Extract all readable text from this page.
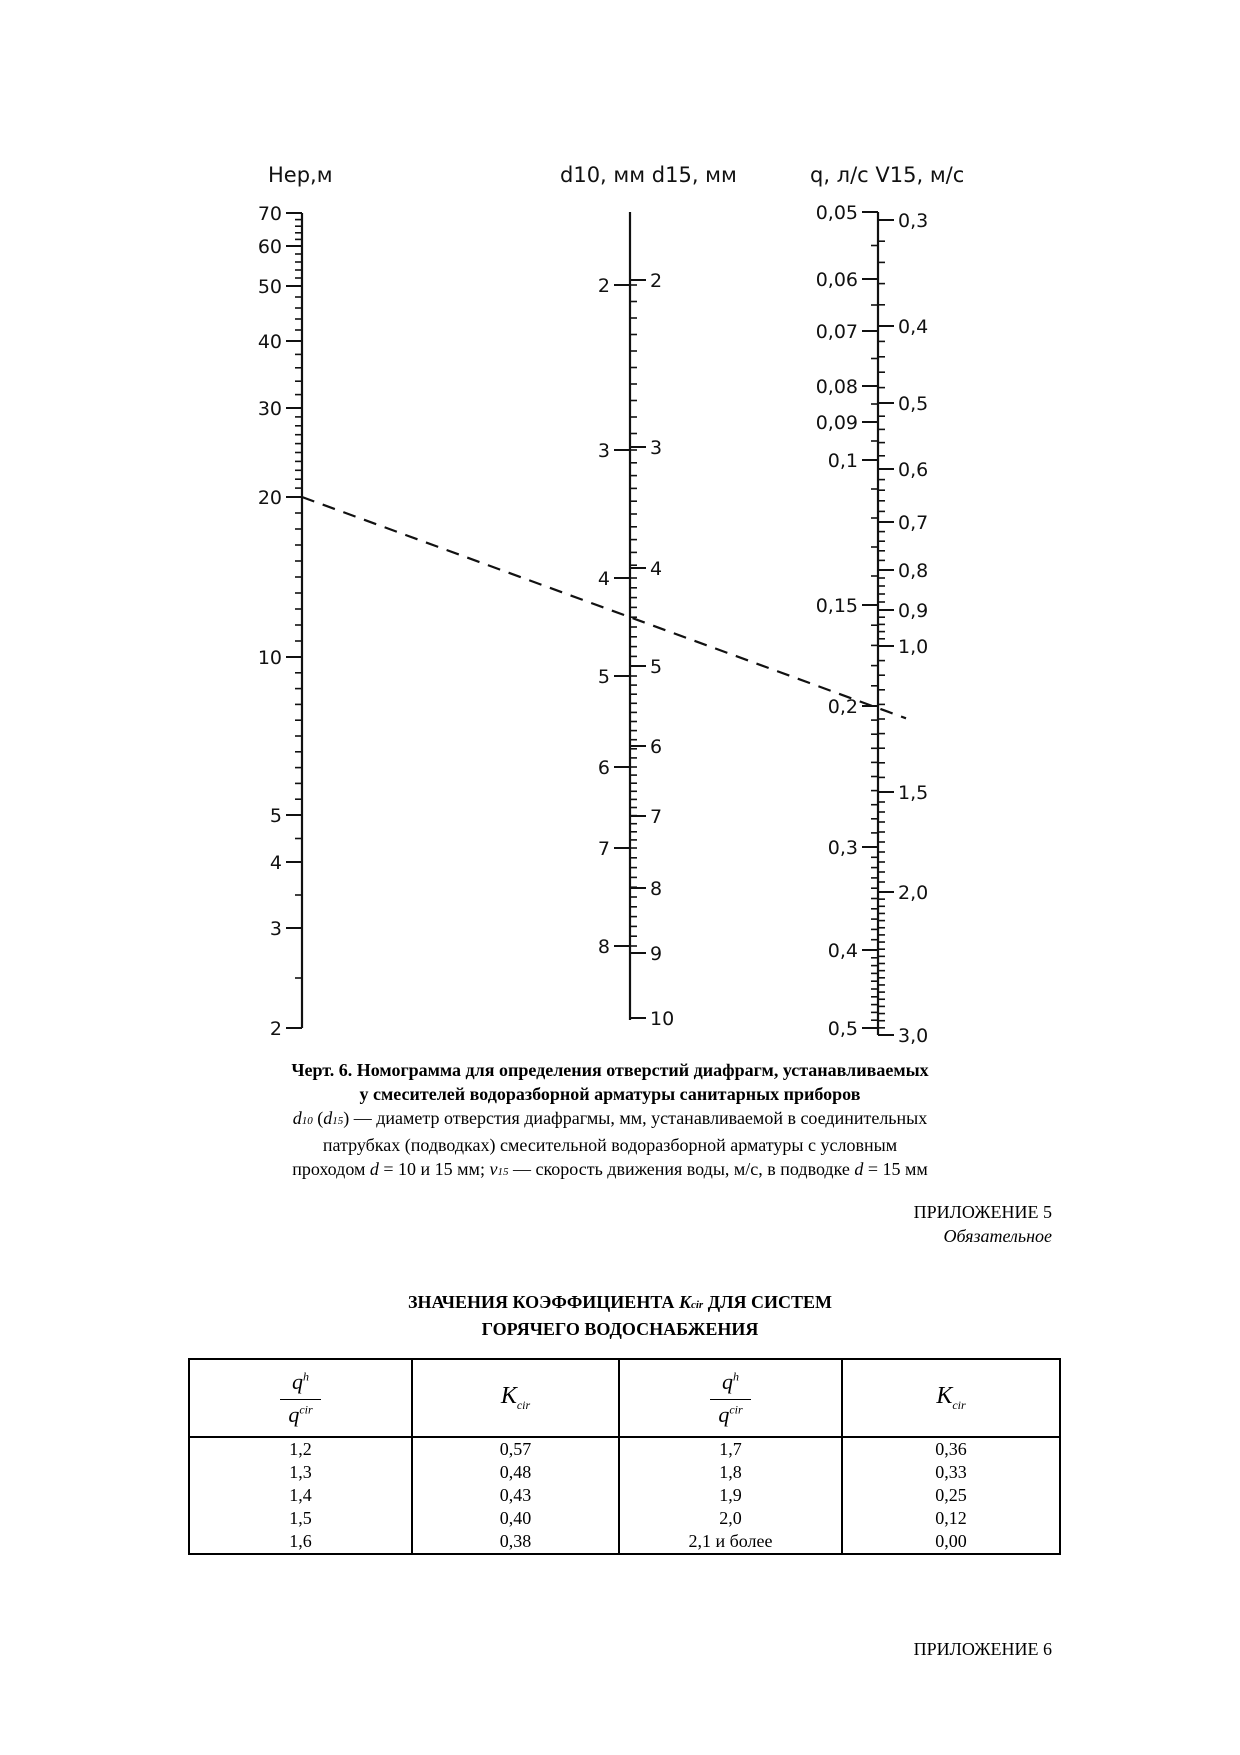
Hер,м
70
60
50
40
30
20
10
5
4
3
2
d10, мм d15, мм
2
3
4
5
6
7
8
2
3
4
5
6
7
8
9
10
q, л/с V15, м/с
0,05
0,06
0,07
0,08
0,09
0,1
0,15
0,2
0,3
0,4
0,5
0,3
0,4
0,5
0,6
0,7
0,8
0,9
1,0
1,5
2,0
3,0
Черт. 6. Номограмма для определения отверстий диафрагм, устанавливаемых
у смесителей водоразборной арматуры санитарных приборов
d10 (d15) — диаметр отверстия диафрагмы, мм, устанавливаемой в соединительных
патрубках (подводках) смесительной водоразборной арматуры с условным
проходом d = 10 и 15 мм; v15 — скорость движения воды, м/с, в подводке d = 15 мм
ПРИЛОЖЕНИЕ 5
Обязательное
ЗНАЧЕНИЯ КОЭФФИЦИЕНТА Kcir ДЛЯ СИСТЕМ
ГОРЯЧЕГО ВОДОСНАБЖЕНИЯ
$\frac{q^h}{q^{cir}}$	$K_{cir}$	$\frac{q^h}{q^{cir}}$	$K_{cir}$
1,2	0,57	1,7	0,36
1,3	0,48	1,8	0,33
1,4	0,43	1,9	0,25
1,5	0,40	2,0	0,12
1,6	0,38	2,1 и более	0,00
ПРИЛОЖЕНИЕ 6
